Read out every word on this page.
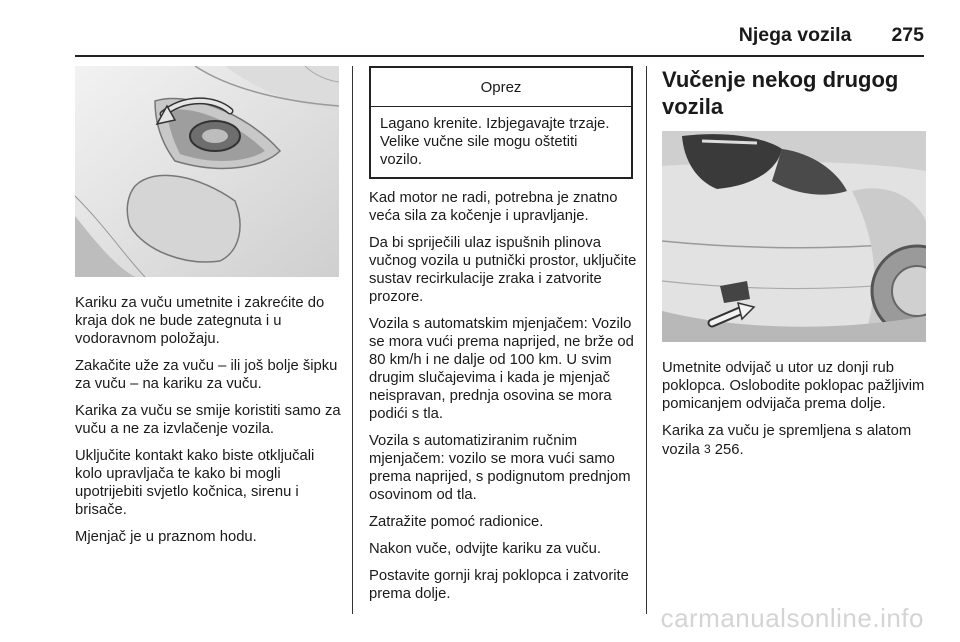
Njega vozila 275

Kariku za vuču umetnite i zakrećite do kraja dok ne bude zategnuta i u vodoravnom položaju.

Zakačite uže za vuču – ili još bolje šipku za vuču – na kariku za vuču.

Karika za vuču se smije koristiti samo za vuču a ne za izvlačenje vozila.

Uključite kontakt kako biste otključali kolo upravljača te kako bi mogli upotrijebiti svjetlo kočnica, sirenu i brisače.

Mjenjač je u praznom hodu.

Oprez
Lagano krenite. Izbjegavajte trzaje. Velike vučne sile mogu oštetiti vozilo.

Kad motor ne radi, potrebna je znatno veća sila za kočenje i upravljanje.

Da bi spriječili ulaz ispušnih plinova vučnog vozila u putnički prostor, uključite sustav recirkulacije zraka i zatvorite prozore.

Vozila s automatskim mjenjačem: Vozilo se mora vući prema naprijed, ne brže od 80 km/h i ne dalje od 100 km. U svim drugim slučajevima i kada je mjenjač neispravan, prednja osovina se mora podići s tla.

Vozila s automatiziranim ručnim mjenjačem: vozilo se mora vući samo prema naprijed, s podignutom prednjom osovinom od tla.

Zatražite pomoć radionice.

Nakon vuče, odvijte kariku za vuču.

Postavite gornji kraj poklopca i zatvorite prema dolje.

Vučenje nekog drugog vozila

Umetnite odvijač u utor uz donji rub poklopca. Oslobodite poklopac pažljivim pomicanjem odvijača prema dolje.

Karika za vuču je spremljena s alatom vozila 3 256.

carmanualsonline.info
